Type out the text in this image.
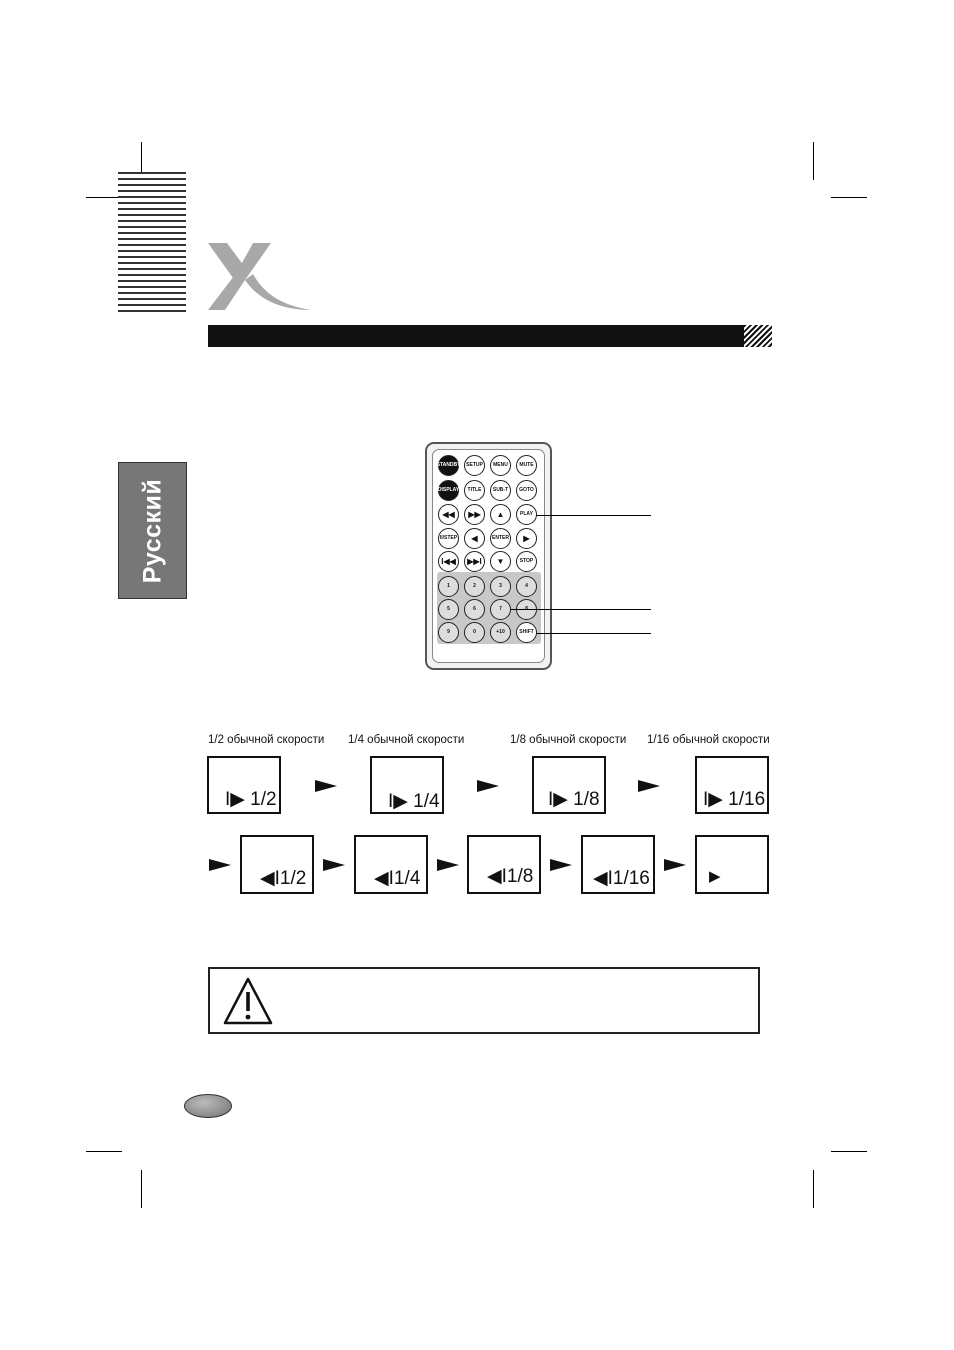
Русский
STANDBY	SETUP	MENU	MUTE
DISPLAY	TITLE	SUB-T	GOTO
◀◀	▶▶	▲	PLAY
II/STEP	◀	ENTER	▶
I◀◀	▶▶I	▼	STOP
1	2	3	4
5	6	7
9	0	+10	SHIFT
1/2 обычной скорости 1/4 обычной скорости	1/8 обычной скорости 1/16 обычной скорости
I▶ 1/2	I▶ 1/4	I▶ 1/8	I▶ 1/16
◀I1/2	◀I1/4	◀I1/8	◀I1/16	▶
